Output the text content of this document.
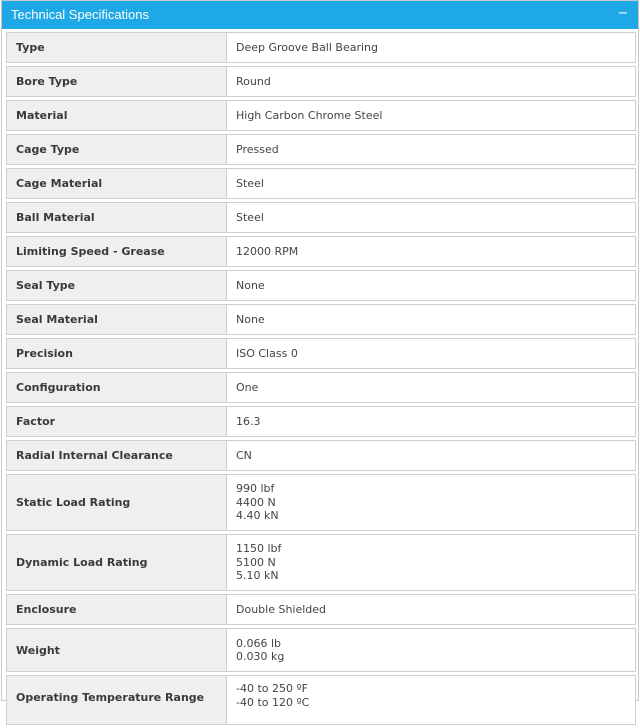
Technical Specifications	−
Type	Deep Groove Ball Bearing

Bore Type	Round

Material	High Carbon Chrome Steel

Cage Type	Pressed

Cage Material	Steel

Ball Material	Steel

Limiting Speed - Grease	12000 RPM

Seal Type	None

Seal Material	None

Precision	ISO Class 0

Configuration	One

Factor	16.3

Radial Internal Clearance	CN

Static Load Rating	990 lbf
4400 N
4.40 kN

Dynamic Load Rating	1150 lbf
5100 N
5.10 kN

Enclosure	Double Shielded

Weight	0.066 lb
0.030 kg

Operating Temperature Range	-40 to 250 ºF
-40 to 120 ºC
